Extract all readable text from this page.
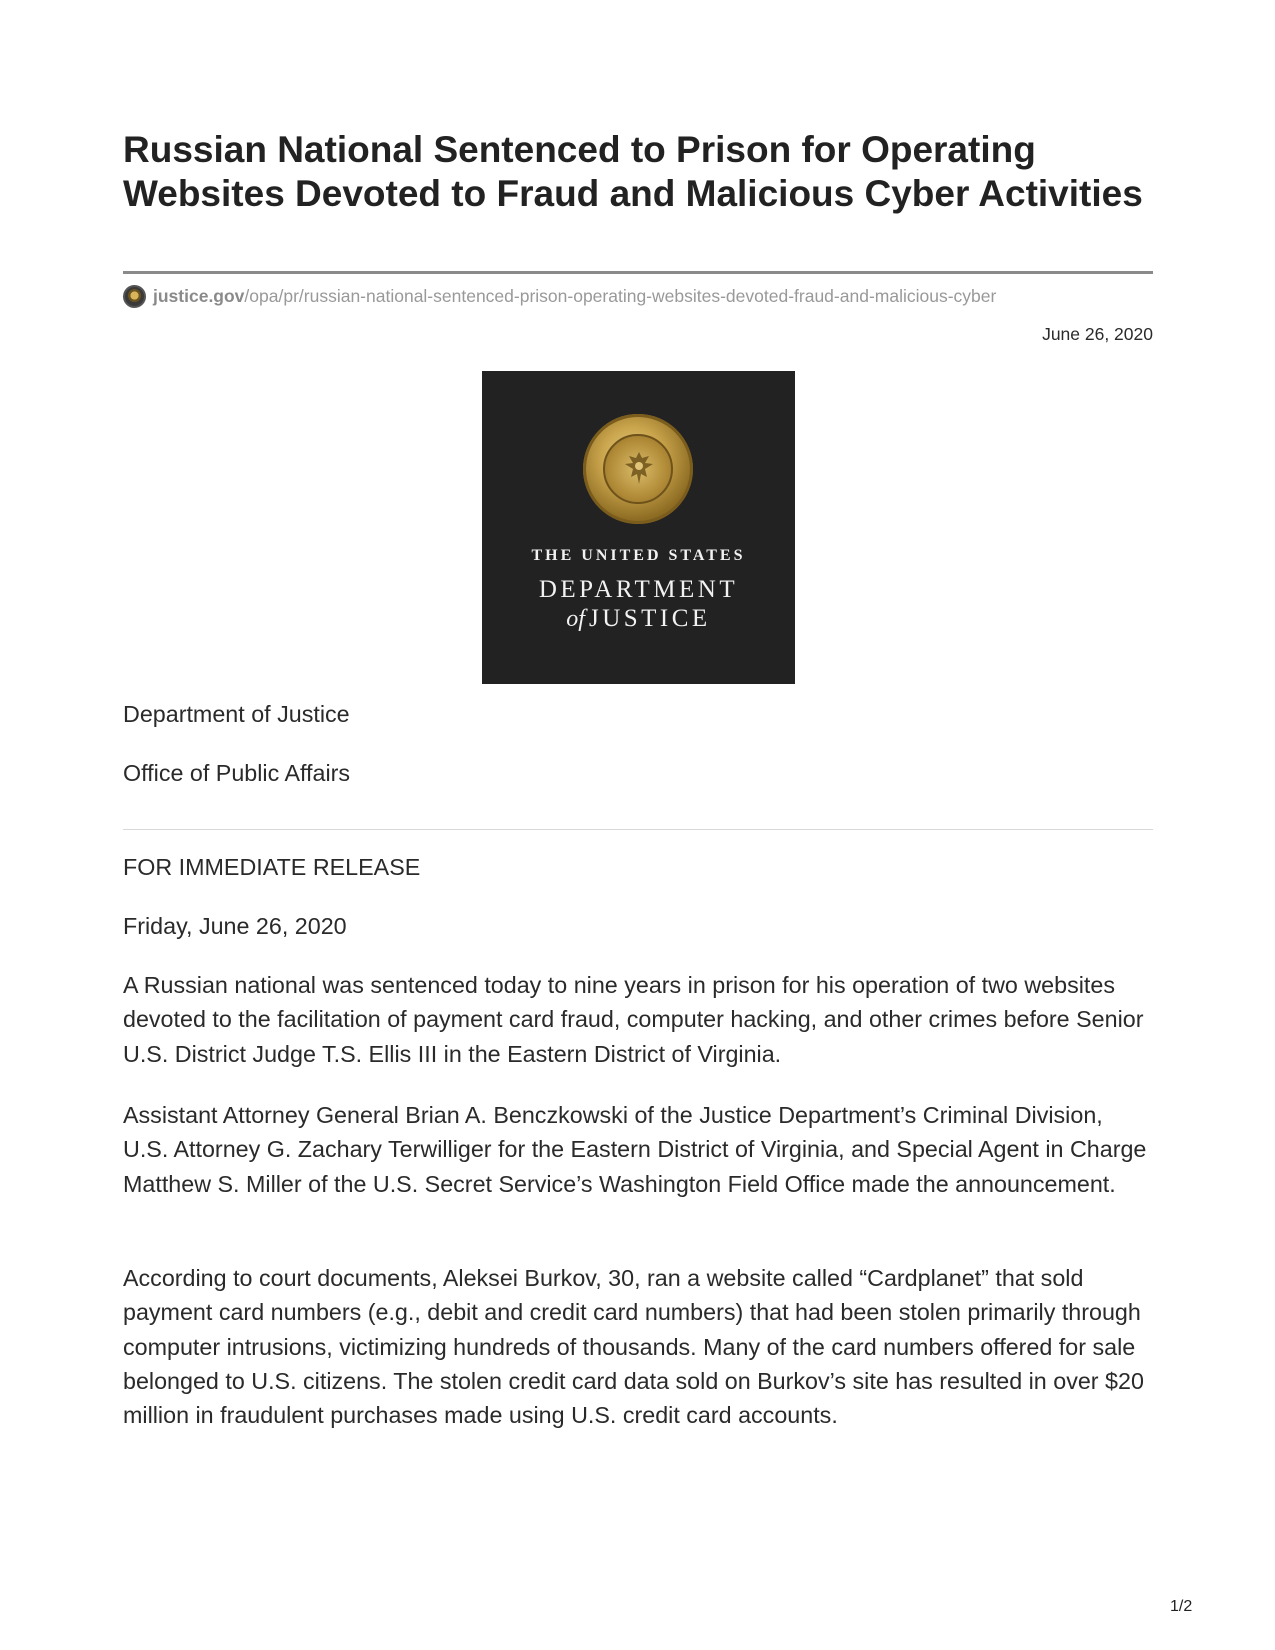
Russian National Sentenced to Prison for Operating Websites Devoted to Fraud and Malicious Cyber Activities
justice.gov /opa/pr/russian-national-sentenced-prison-operating-websites-devoted-fraud-and-malicious-cyber
June 26, 2020
THE UNITED STATES
DEPARTMENT
of JUSTICE

Department of Justice

Office of Public Affairs

FOR IMMEDIATE RELEASE

Friday, June 26, 2020

A Russian national was sentenced today to nine years in prison for his operation of two websites devoted to the facilitation of payment card fraud, computer hacking, and other crimes before Senior U.S. District Judge T.S. Ellis III in the Eastern District of Virginia.

Assistant Attorney General Brian A. Benczkowski of the Justice Department’s Criminal Division, U.S. Attorney G. Zachary Terwilliger for the Eastern District of Virginia, and Special Agent in Charge Matthew S. Miller of the U.S. Secret Service’s Washington Field Office made the announcement.

According to court documents, Aleksei Burkov, 30, ran a website called “Cardplanet” that sold payment card numbers (e.g., debit and credit card numbers) that had been stolen primarily through computer intrusions, victimizing hundreds of thousands. Many of the card numbers offered for sale belonged to U.S. citizens. The stolen credit card data sold on Burkov’s site has resulted in over $20 million in fraudulent purchases made using U.S. credit card accounts.

1/2
